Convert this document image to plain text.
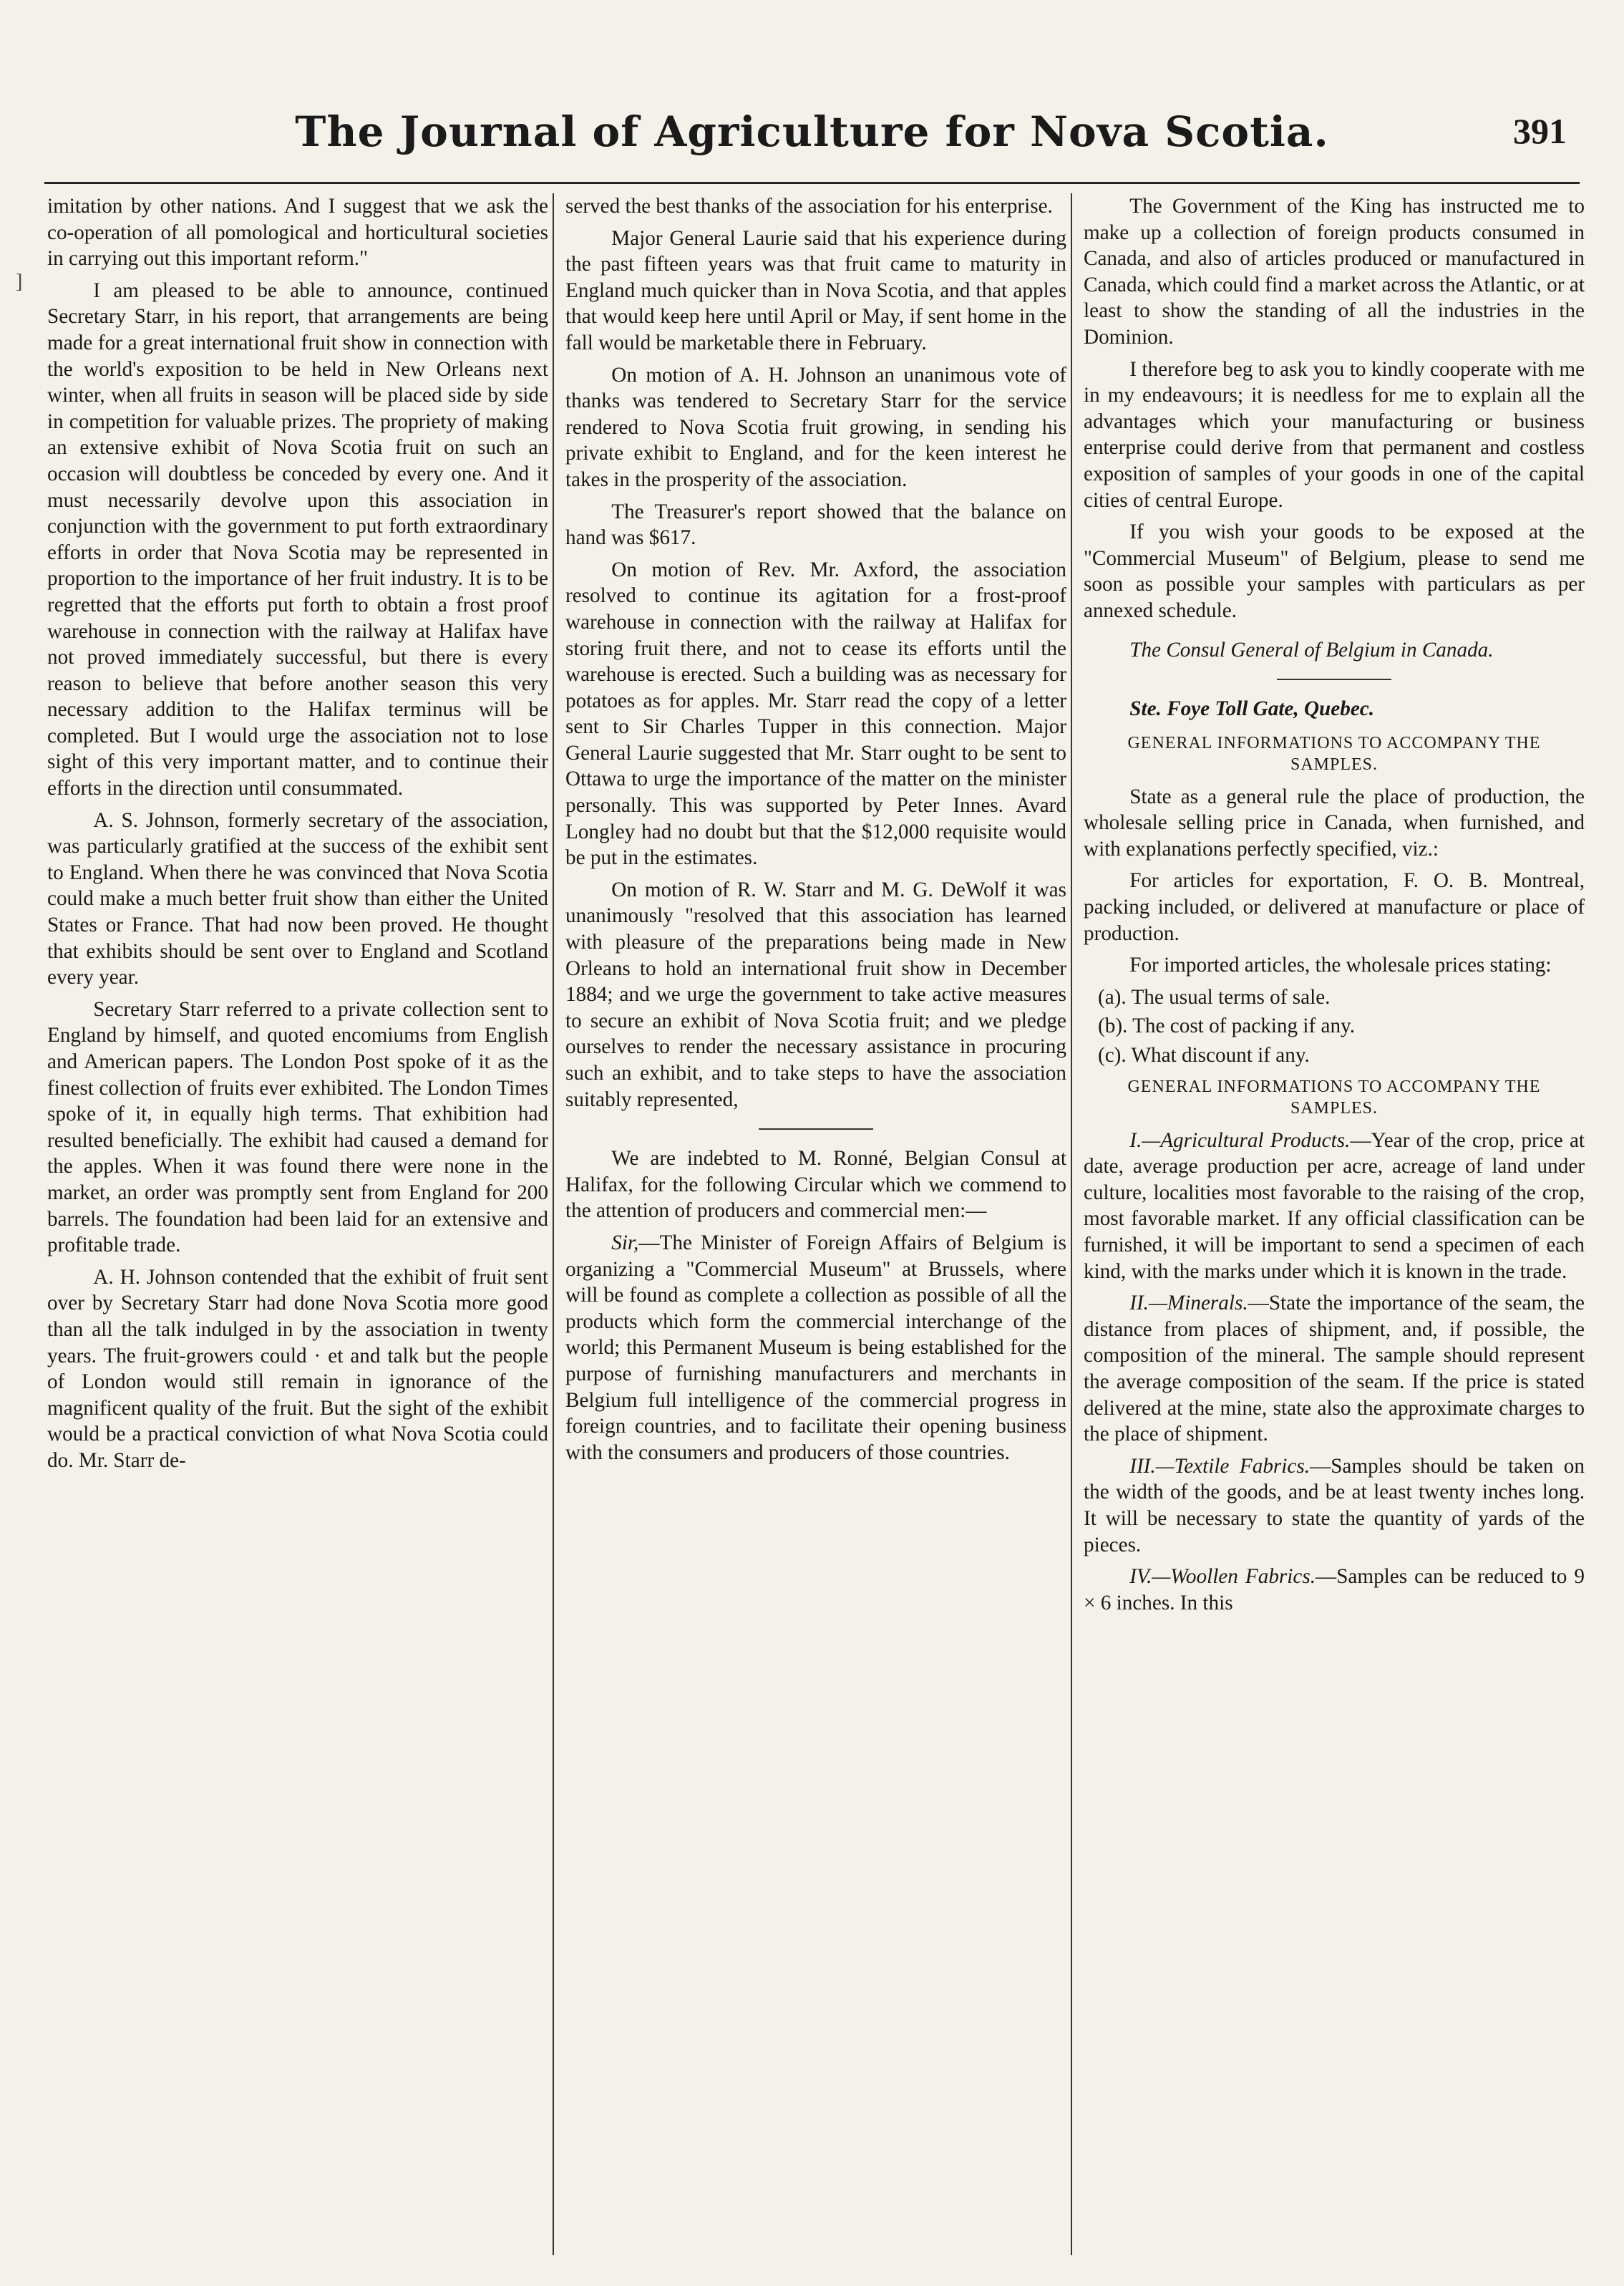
The Journal of Agriculture for Nova Scotia.	391
]

imitation by other nations. And I suggest that we ask the co-operation of all pomological and horticultural societies in carrying out this important reform."

I am pleased to be able to announce, continued Secretary Starr, in his report, that arrangements are being made for a great international fruit show in connection with the world's exposition to be held in New Orleans next winter, when all fruits in season will be placed side by side in competition for valuable prizes. The propriety of making an extensive exhibit of Nova Scotia fruit on such an occasion will doubtless be conceded by every one. And it must necessarily devolve upon this association in conjunction with the government to put forth extraordinary efforts in order that Nova Scotia may be represented in proportion to the importance of her fruit industry. It is to be regretted that the efforts put forth to obtain a frost proof warehouse in connection with the railway at Halifax have not proved immediately successful, but there is every reason to believe that before another season this very necessary addition to the Halifax terminus will be completed. But I would urge the association not to lose sight of this very important matter, and to continue their efforts in the direction until consummated.

A. S. Johnson, formerly secretary of the association, was particularly gratified at the success of the exhibit sent to England. When there he was convinced that Nova Scotia could make a much better fruit show than either the United States or France. That had now been proved. He thought that exhibits should be sent over to England and Scotland every year.

Secretary Starr referred to a private collection sent to England by himself, and quoted encomiums from English and American papers. The London Post spoke of it as the finest collection of fruits ever exhibited. The London Times spoke of it, in equally high terms. That exhibition had resulted beneficially. The exhibit had caused a demand for the apples. When it was found there were none in the market, an order was promptly sent from England for 200 barrels. The foundation had been laid for an extensive and profitable trade.

A. H. Johnson contended that the exhibit of fruit sent over by Secretary Starr had done Nova Scotia more good than all the talk indulged in by the association in twenty years. The fruit-growers could · et and talk but the people of London would still remain in ignorance of the magnificent quality of the fruit. But the sight of the exhibit would be a practical conviction of what Nova Scotia could do. Mr. Starr de-

served the best thanks of the association for his enterprise.

Major General Laurie said that his experience during the past fifteen years was that fruit came to maturity in England much quicker than in Nova Scotia, and that apples that would keep here until April or May, if sent home in the fall would be marketable there in February.

On motion of A. H. Johnson an unanimous vote of thanks was tendered to Secretary Starr for the service rendered to Nova Scotia fruit growing, in sending his private exhibit to England, and for the keen interest he takes in the prosperity of the association.

The Treasurer's report showed that the balance on hand was $617.

On motion of Rev. Mr. Axford, the association resolved to continue its agitation for a frost-proof warehouse in connection with the railway at Halifax for storing fruit there, and not to cease its efforts until the warehouse is erected. Such a building was as necessary for potatoes as for apples. Mr. Starr read the copy of a letter sent to Sir Charles Tupper in this connection. Major General Laurie suggested that Mr. Starr ought to be sent to Ottawa to urge the importance of the matter on the minister personally. This was supported by Peter Innes. Avard Longley had no doubt but that the $12,000 requisite would be put in the estimates.

On motion of R. W. Starr and M. G. DeWolf it was unanimously "resolved that this association has learned with pleasure of the preparations being made in New Orleans to hold an international fruit show in December 1884; and we urge the government to take active measures to secure an exhibit of Nova Scotia fruit; and we pledge ourselves to render the necessary assistance in procuring such an exhibit, and to take steps to have the association suitably represented,

We are indebted to M. Ronné, Belgian Consul at Halifax, for the following Circular which we commend to the attention of producers and commercial men:—

Sir,—The Minister of Foreign Affairs of Belgium is organizing a "Commercial Museum" at Brussels, where will be found as complete a collection as possible of all the products which form the commercial interchange of the world; this Permanent Museum is being established for the purpose of furnishing manufacturers and merchants in Belgium full intelligence of the commercial progress in foreign countries, and to facilitate their opening business with the consumers and producers of those countries.

The Government of the King has instructed me to make up a collection of foreign products consumed in Canada, and also of articles produced or manufactured in Canada, which could find a market across the Atlantic, or at least to show the standing of all the industries in the Dominion.

I therefore beg to ask you to kindly cooperate with me in my endeavours; it is needless for me to explain all the advantages which your manufacturing or business enterprise could derive from that permanent and costless exposition of samples of your goods in one of the capital cities of central Europe.

If you wish your goods to be exposed at the "Commercial Museum" of Belgium, please to send me soon as possible your samples with particulars as per annexed schedule.

The Consul General of Belgium in Canada.

Ste. Foye Toll Gate, Quebec.

GENERAL INFORMATIONS TO ACCOMPANY THE SAMPLES.

State as a general rule the place of production, the wholesale selling price in Canada, when furnished, and with explanations perfectly specified, viz.:

For articles for exportation, F. O. B. Montreal, packing included, or delivered at manufacture or place of production.

For imported articles, the wholesale prices stating:

(a). The usual terms of sale.

(b). The cost of packing if any.

(c). What discount if any.

GENERAL INFORMATIONS TO ACCOMPANY THE SAMPLES.

I.—Agricultural Products.—Year of the crop, price at date, average production per acre, acreage of land under culture, localities most favorable to the raising of the crop, most favorable market. If any official classification can be furnished, it will be important to send a specimen of each kind, with the marks under which it is known in the trade.

II.—Minerals.—State the importance of the seam, the distance from places of shipment, and, if possible, the composition of the mineral. The sample should represent the average composition of the seam. If the price is stated delivered at the mine, state also the approximate charges to the place of shipment.

III.—Textile Fabrics.—Samples should be taken on the width of the goods, and be at least twenty inches long. It will be necessary to state the quantity of yards of the pieces.

IV.—Woollen Fabrics.—Samples can be reduced to 9 × 6 inches. In this
